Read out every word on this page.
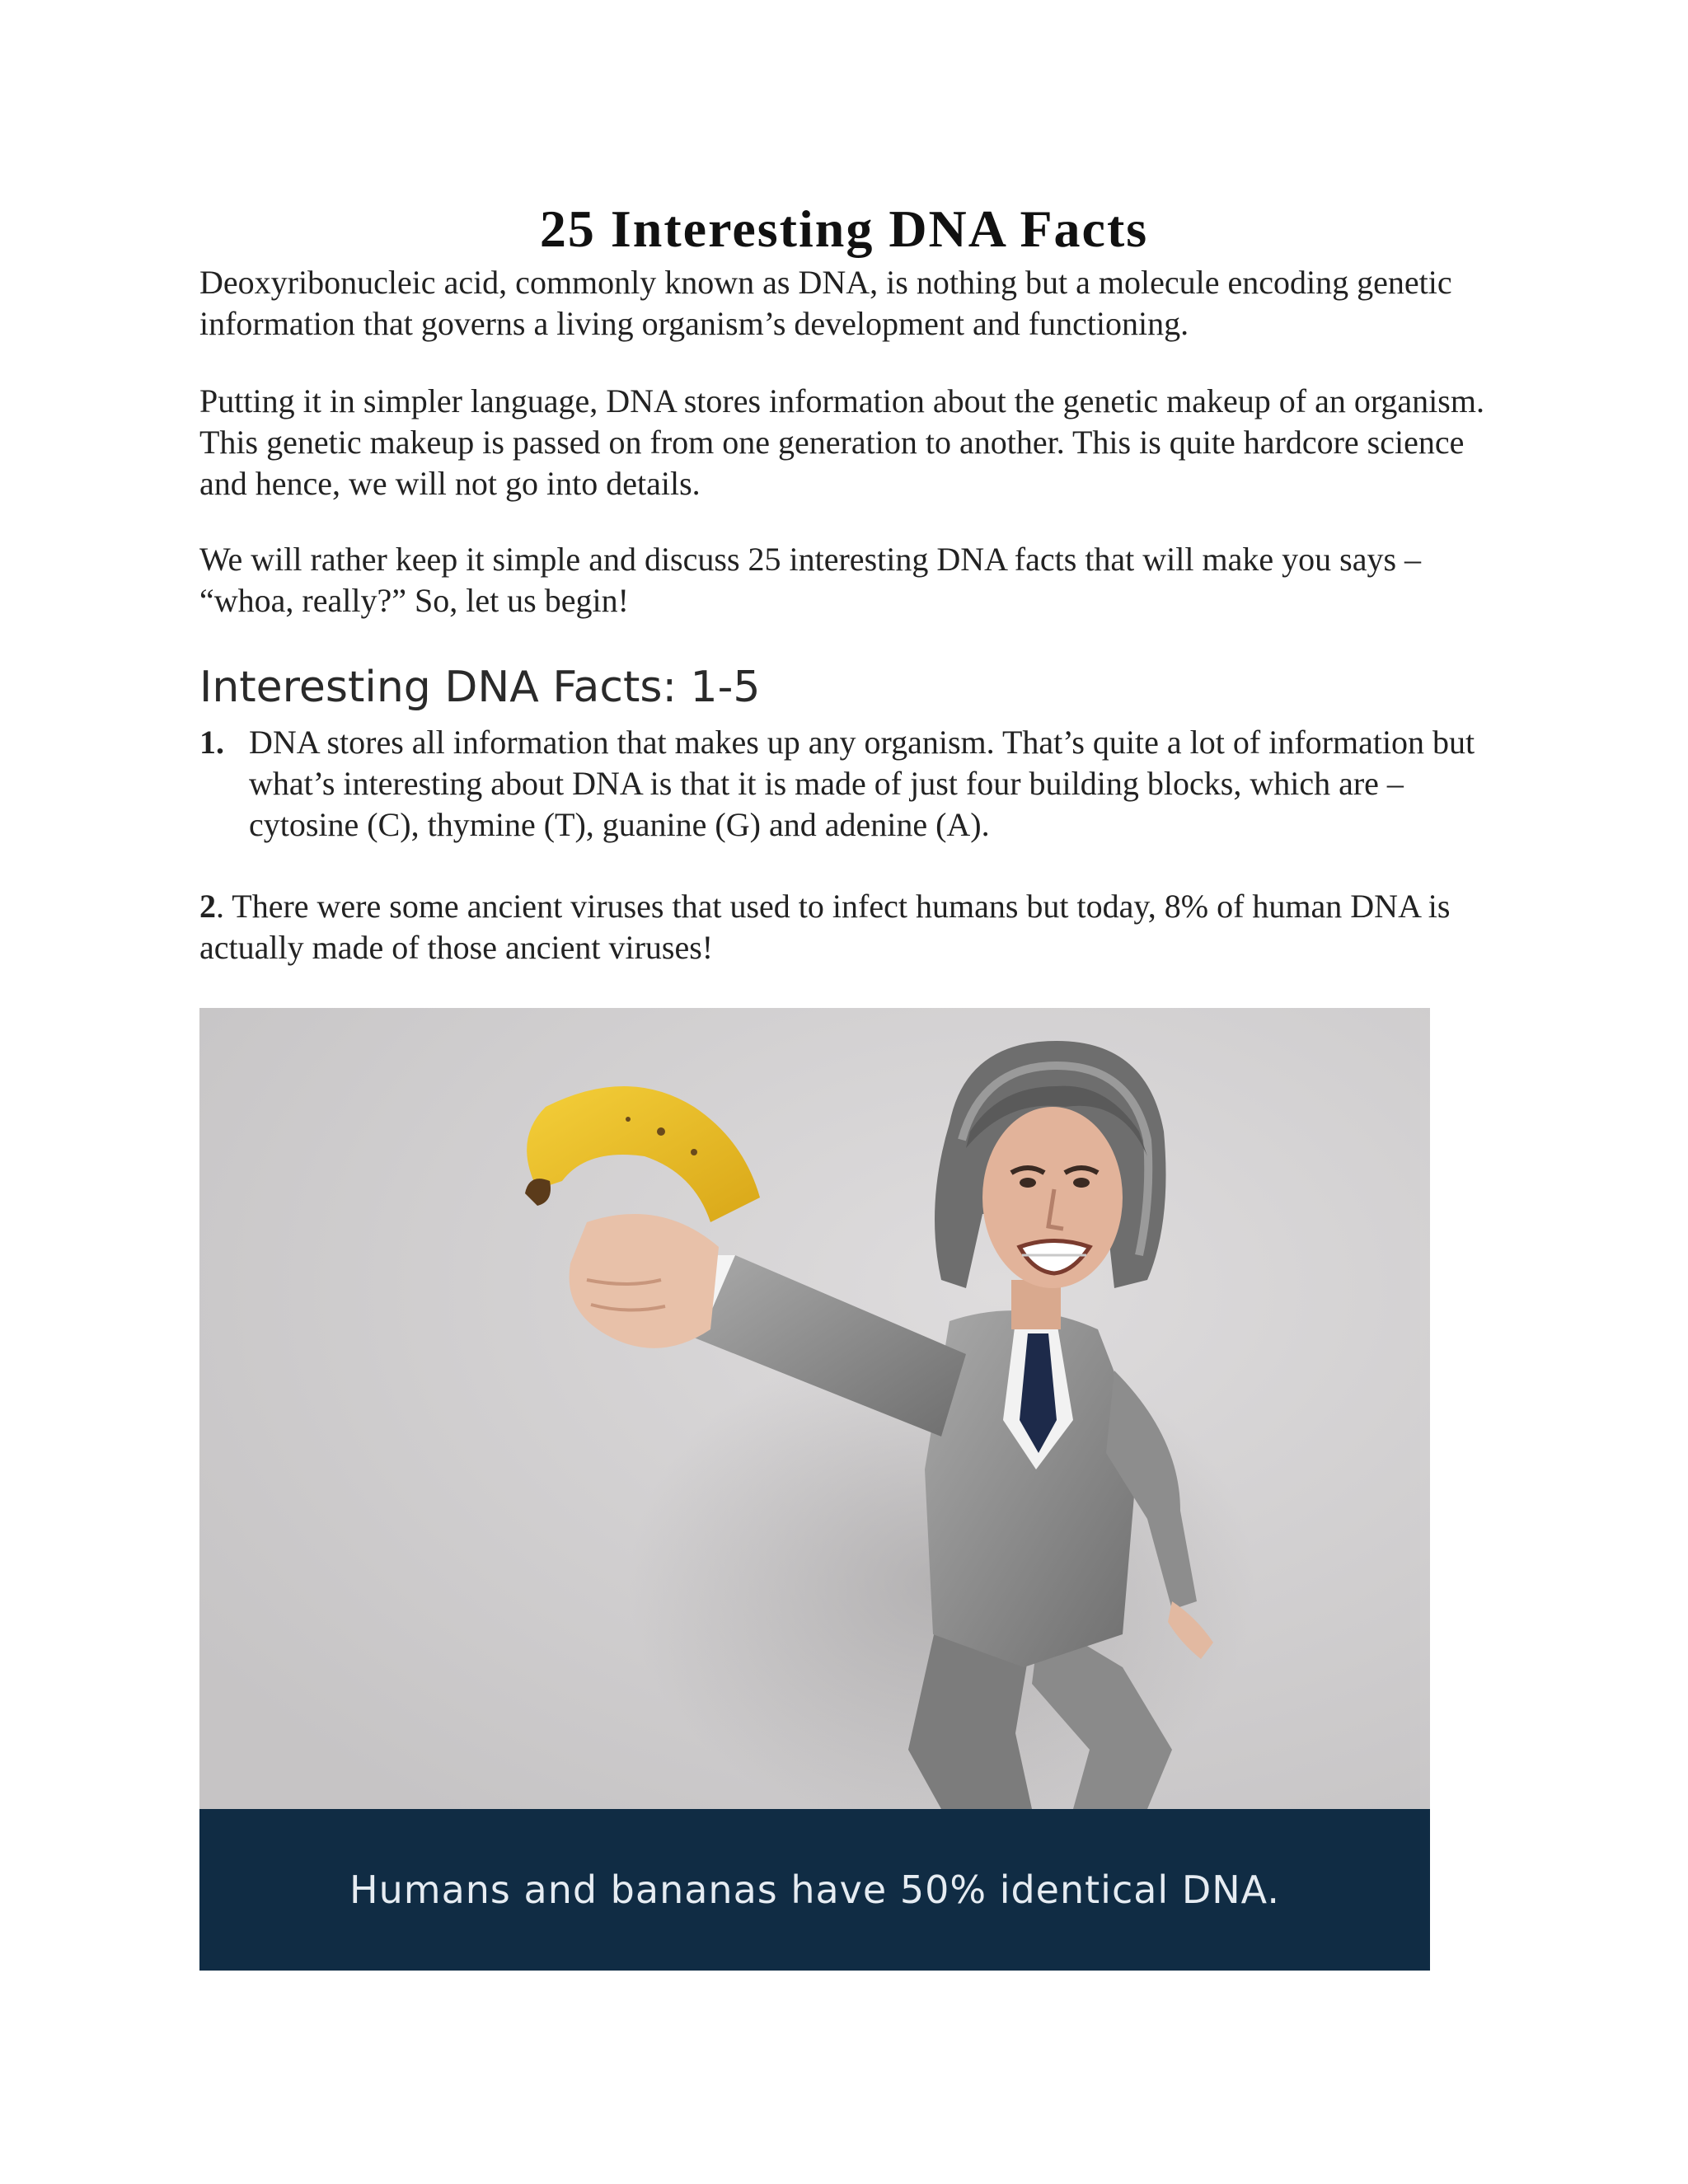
25 Interesting DNA Facts

Deoxyribonucleic acid, commonly known as DNA, is nothing but a molecule encoding genetic information that governs a living organism’s development and functioning.

Putting it in simpler language, DNA stores information about the genetic makeup of an organism. This genetic makeup is passed on from one generation to another. This is quite hardcore science and hence, we will not go into details.

We will rather keep it simple and discuss 25 interesting DNA facts that will make you says – “whoa, really?” So, let us begin!

Interesting DNA Facts: 1-5
1. DNA stores all information that makes up any organism. That’s quite a lot of information but what’s interesting about DNA is that it is made of just four building blocks, which are – cytosine (C), thymine (T), guanine (G) and adenine (A).

2. There were some ancient viruses that used to infect humans but today, 8% of human DNA is actually made of those ancient viruses!

Humans and bananas have 50% identical DNA.
